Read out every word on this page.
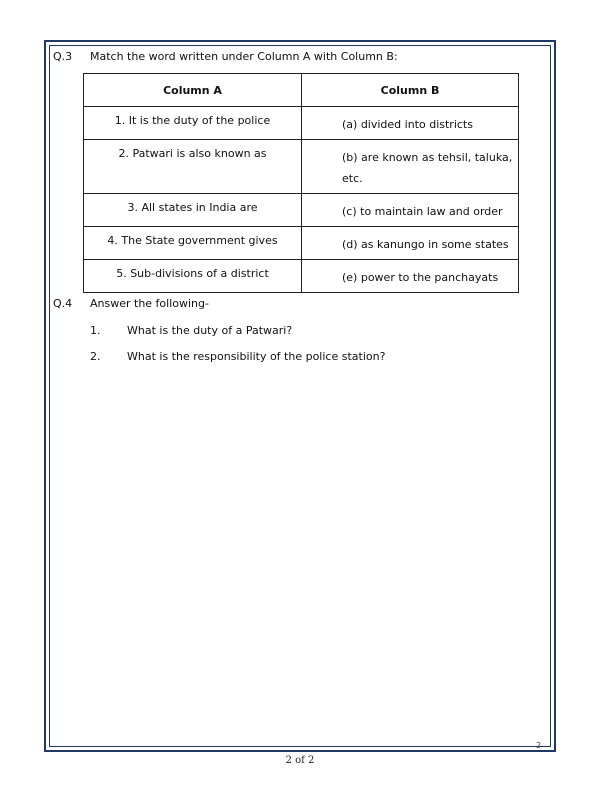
Q.3 Match the word written under Column A with Column B:
Column A	Column B
1. It is the duty of the police	(a) divided into districts
2. Patwari is also known as	(b) are known as tehsil, taluka, etc.
3. All states in India are	(c) to maintain law and order
4. The State government gives	(d) as kanungo in some states
5. Sub-divisions of a district	(e) power to the panchayats
Q.4 Answer the following-
1. What is the duty of a Patwari?
2. What is the responsibility of the police station?
2
2 of 2
